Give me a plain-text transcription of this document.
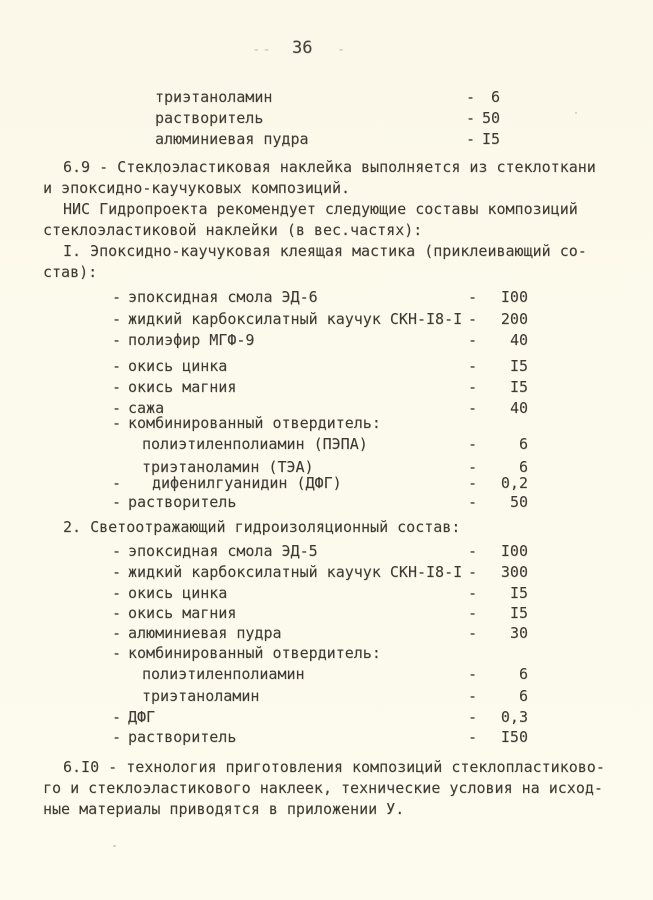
-- 36 -
триэтаноламин	-	6
растворитель	- 50
алюминиевая пудра	- I5
6.9 - Стеклоэластиковая наклейка выполняется из стеклоткани
и эпоксидно-каучуковых композиций.
НИС Гидропроекта рекомендует следующие составы композиций
стеклоэластиковой наклейки (в вес.частях):
I. Эпоксидно-каучуковая клеящая мастика (приклеивающий со-
став):
- эпоксидная смола ЭД-6	-	I00
- жидкий карбоксилатный каучук СКН-I8-I -	200
- полиэфир МГФ-9	-	40
- окись цинка	-	I5
- окись магния	-	I5
- сажа	-	40
- комбинированный отвердитель:
полиэтиленполиамин (ПЭПА)	-	6
триэтаноламин (ТЭА)	-	6
- дифенилгуанидин (ДФГ)	-	0,2
- растворитель	-	50
2. Светоотражающий гидроизоляционный состав:
- эпоксидная смола ЭД-5	-	I00
- жидкий карбоксилатный каучук СКН-I8-I -	300
- окись цинка	-	I5
- окись магния	-	I5
- алюминиевая пудра	-	30
- комбинированный отвердитель:
полиэтиленполиамин	-	6
триэтаноламин	-	6
- ДФГ	-	0,3
- растворитель	-	I50
6.I0 - технология приготовления композиций стеклопластиково-
го и стеклоэластикового наклеек, технические условия на исход-
ные материалы приводятся в приложении У.
